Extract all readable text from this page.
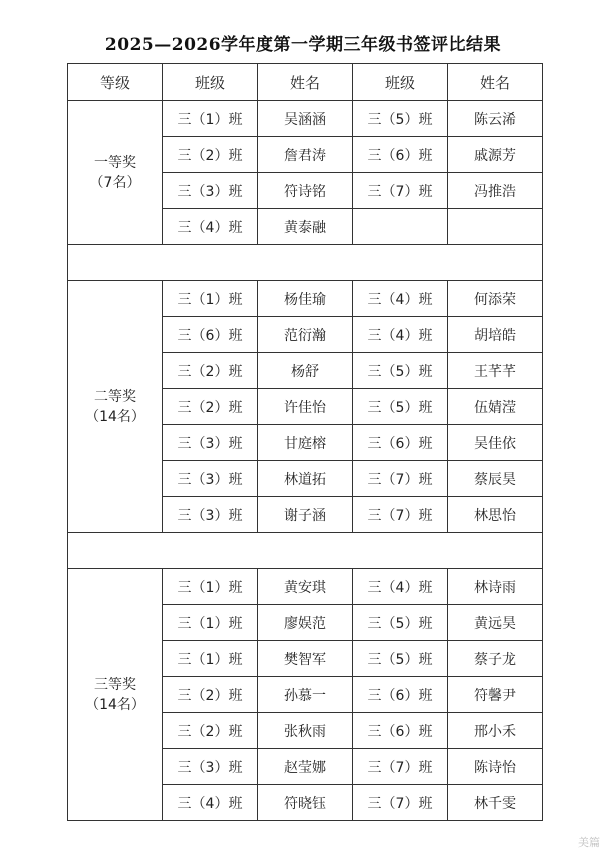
2025—2026学年度第一学期三年级书签评比结果
等级	班级	姓名	班级	姓名

一等奖
（7名）	三（1）班	吴涵涵	三（5）班	陈云浠
	三（2）班	詹君涛	三（6）班	戚源芳
	三（3）班	符诗铭	三（7）班	冯推浩
	三（4）班	黄泰融		

二等奖
（14名）	三（1）班	杨佳瑜	三（4）班	何添荣
	三（6）班	范衍瀚	三（4）班	胡培皓
	三（2）班	杨舒	三（5）班	王芊芊
	三（2）班	许佳怡	三（5）班	伍婧滢
	三（3）班	甘庭榕	三（6）班	吴佳依
	三（3）班	林道拓	三（7）班	蔡辰昊
	三（3）班	谢子涵	三（7）班	林思怡

三等奖
（14名）	三（1）班	黄安琪	三（4）班	林诗雨
	三（1）班	廖娱范	三（5）班	黄远昊
	三（1）班	樊智军	三（5）班	蔡子龙
	三（2）班	孙慕一	三（6）班	符馨尹
	三（2）班	张秋雨	三（6）班	邢小禾
	三（3）班	赵莹娜	三（7）班	陈诗怡
	三（4）班	符晓钰	三（7）班	林千雯
美篇
